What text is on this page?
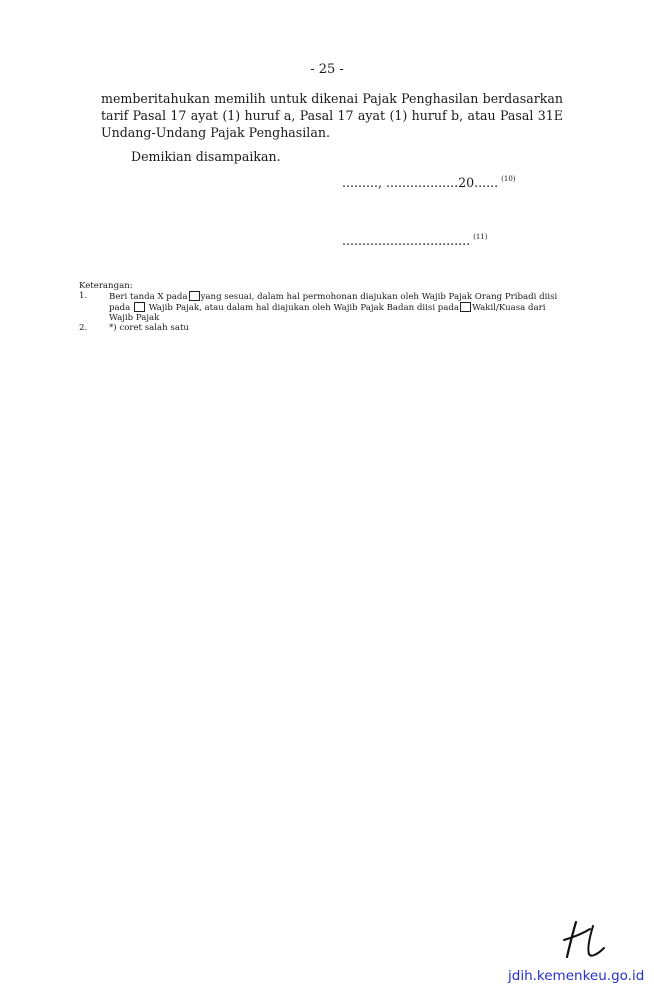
- 25 -
memberitahukan memilih untuk dikenai Pajak Penghasilan berdasarkan
tarif Pasal 17 ayat (1) huruf a, Pasal 17 ayat (1) huruf b, atau Pasal 31E
Undang-Undang Pajak Penghasilan.
Demikian disampaikan.
........., ..................20...... $^{(10)}$
................................ $^{(11)}$
Keterangan:
1.	Beri tanda X pada yang sesuai, dalam hal permohonan diajukan oleh Wajib Pajak Orang Pribadi diisi pada Wajib Pajak, atau dalam hal diajukan oleh Wajib Pajak Badan diisi pada Wakil/Kuasa dari Wajib Pajak
2.	*) coret salah satu
jdih.kemenkeu.go.id
